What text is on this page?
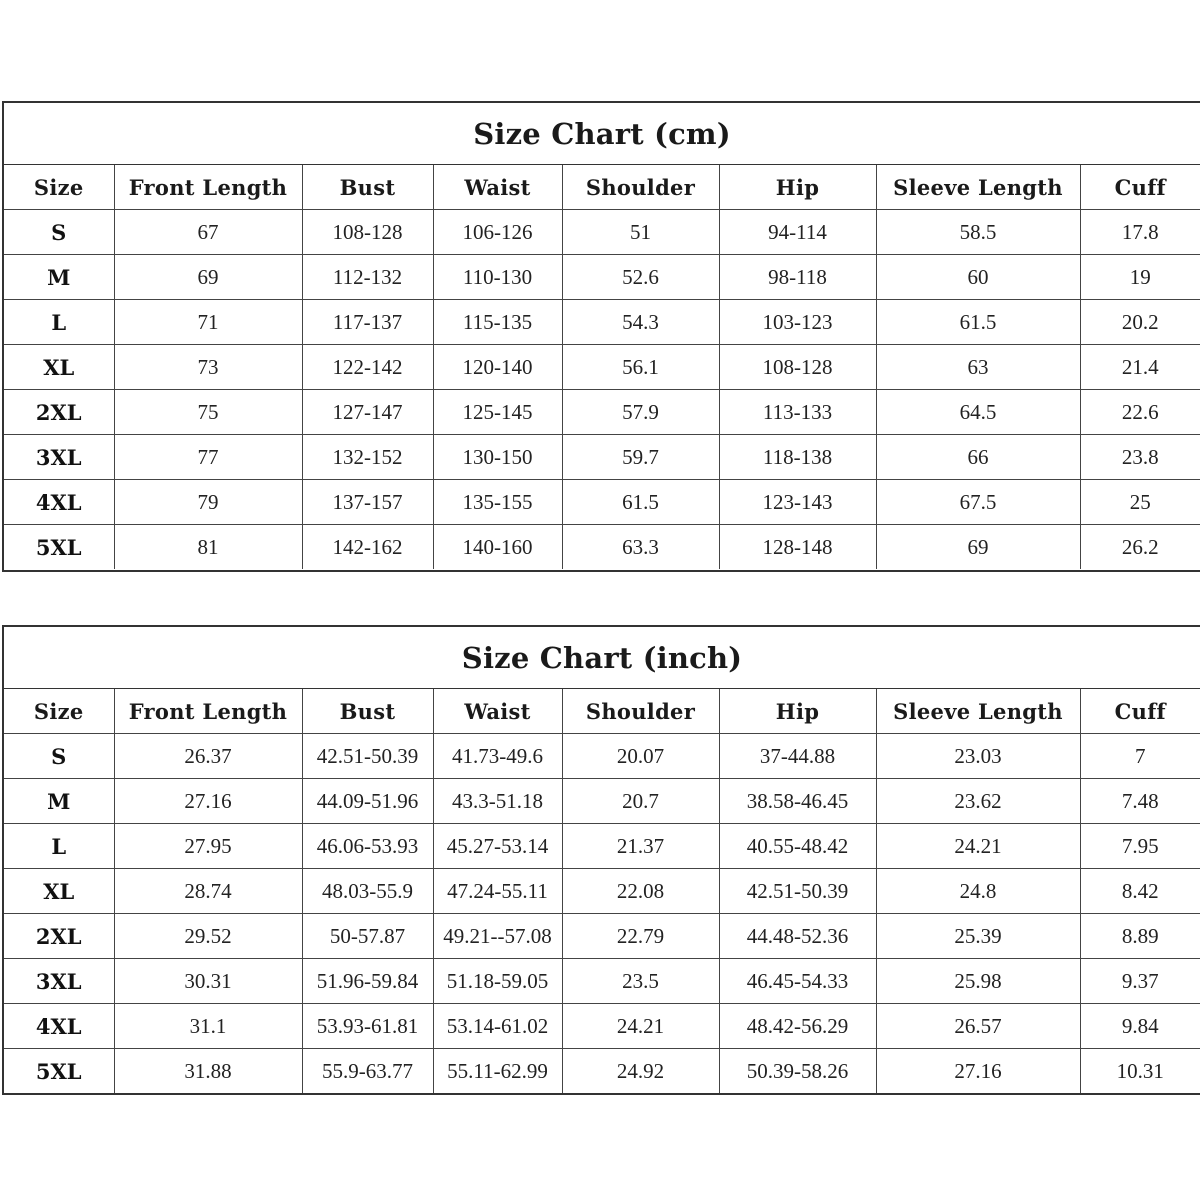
Size Chart (cm)
Size	Front Length	Bust	Waist	Shoulder	Hip	Sleeve Length	Cuff
S	67	108-128	106-126	51	94-114	58.5	17.8
M	69	112-132	110-130	52.6	98-118	60	19
L	71	117-137	115-135	54.3	103-123	61.5	20.2
XL	73	122-142	120-140	56.1	108-128	63	21.4
2XL	75	127-147	125-145	57.9	113-133	64.5	22.6
3XL	77	132-152	130-150	59.7	118-138	66	23.8
4XL	79	137-157	135-155	61.5	123-143	67.5	25
5XL	81	142-162	140-160	63.3	128-148	69	26.2
Size Chart (inch)
Size	Front Length	Bust	Waist	Shoulder	Hip	Sleeve Length	Cuff
S	26.37	42.51-50.39	41.73-49.6	20.07	37-44.88	23.03	7
M	27.16	44.09-51.96	43.3-51.18	20.7	38.58-46.45	23.62	7.48
L	27.95	46.06-53.93	45.27-53.14	21.37	40.55-48.42	24.21	7.95
XL	28.74	48.03-55.9	47.24-55.11	22.08	42.51-50.39	24.8	8.42
2XL	29.52	50-57.87	49.21--57.08	22.79	44.48-52.36	25.39	8.89
3XL	30.31	51.96-59.84	51.18-59.05	23.5	46.45-54.33	25.98	9.37
4XL	31.1	53.93-61.81	53.14-61.02	24.21	48.42-56.29	26.57	9.84
5XL	31.88	55.9-63.77	55.11-62.99	24.92	50.39-58.26	27.16	10.31
